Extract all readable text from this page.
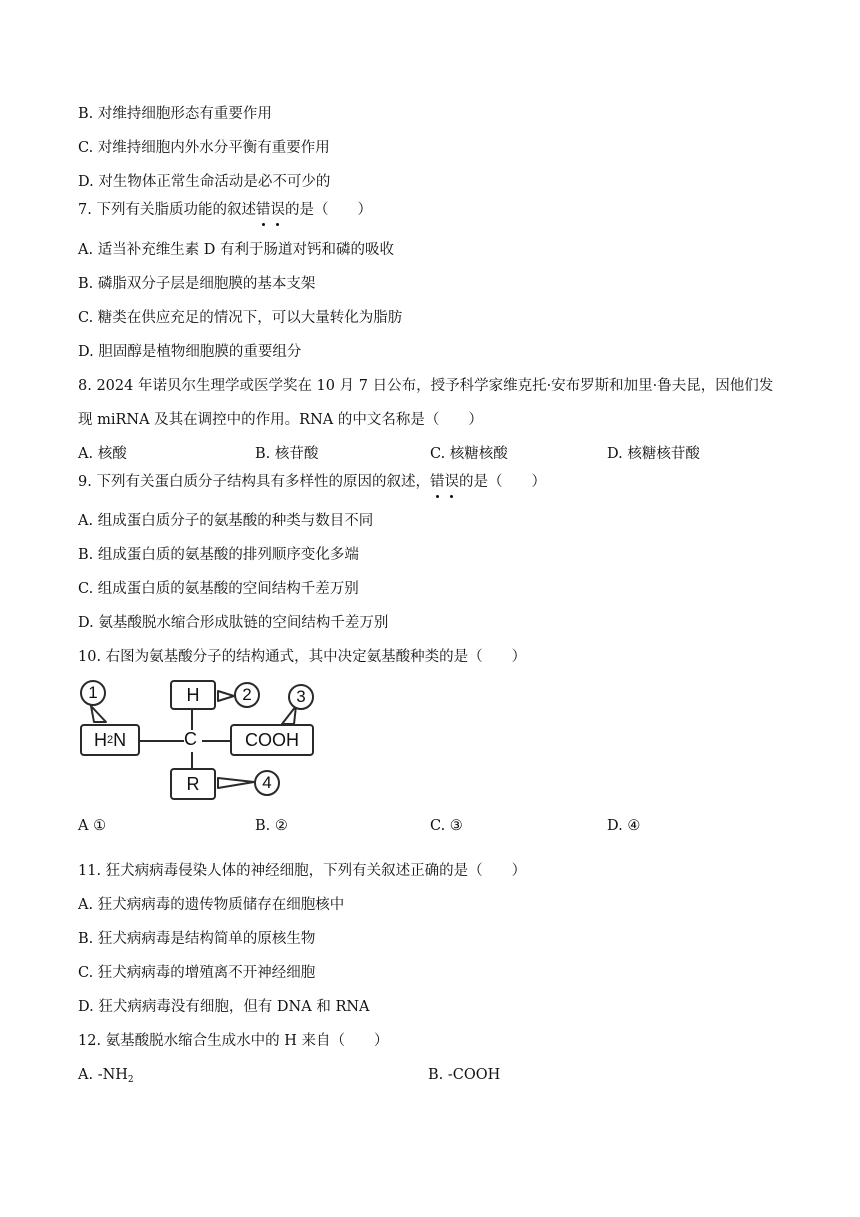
B. 对维持细胞形态有重要作用
C. 对维持细胞内外水分平衡有重要作用
D. 对生物体正常生命活动是必不可少的
7. 下列有关脂质功能的叙述错误的是（　　）
A. 适当补充维生素 D 有利于肠道对钙和磷的吸收
B. 磷脂双分子层是细胞膜的基本支架
C. 糖类在供应充足的情况下，可以大量转化为脂肪
D. 胆固醇是植物细胞膜的重要组分
8. 2024 年诺贝尔生理学或医学奖在 10 月 7 日公布，授予科学家维克托·安布罗斯和加里·鲁夫昆，因他们发
现 miRNA 及其在调控中的作用。RNA 的中文名称是（　　）
A. 核酸	B. 核苷酸	C. 核糖核酸	D. 核糖核苷酸
9. 下列有关蛋白质分子结构具有多样性的原因的叙述，错误的是（　　）
A. 组成蛋白质分子的氨基酸的种类与数目不同
B. 组成蛋白质的氨基酸的排列顺序变化多端
C. 组成蛋白质的氨基酸的空间结构千差万别
D. 氨基酸脱水缩合形成肽链的空间结构千差万别
10. 右图为氨基酸分子的结构通式，其中决定氨基酸种类的是（　　）
H 2 N	C
H
COOH
R
1	2	3
4
A ①	B. ②	C. ③	D. ④
11. 狂犬病病毒侵染人体的神经细胞，下列有关叙述正确的是（　　）
A. 狂犬病病毒的遗传物质储存在细胞核中
B. 狂犬病病毒是结构简单的原核生物
C. 狂犬病病毒的增殖离不开神经细胞
D. 狂犬病病毒没有细胞，但有 DNA 和 RNA
12. 氨基酸脱水缩合生成水中的 H 来自（　　）
A. $-NH_2$	B. -COOH
